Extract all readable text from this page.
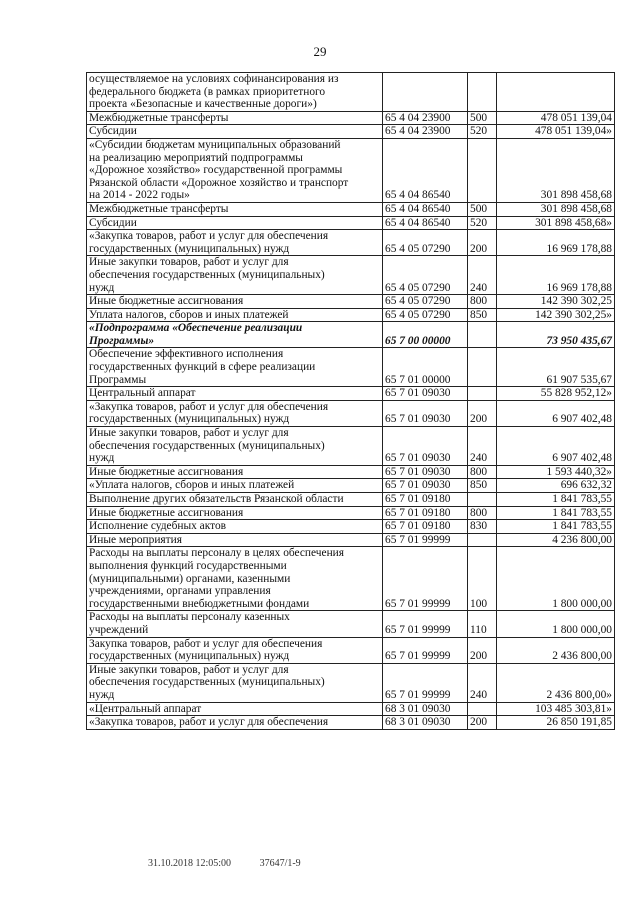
29
осуществляемое на условиях софинансирования из
федерального бюджета (в рамках приоритетного
проекта «Безопасные и качественные дороги»)			
Межбюджетные трансферты	65 4 04 23900	500	478 051 139,04
Субсидии	65 4 04 23900	520	478 051 139,04»
«Субсидии бюджетам муниципальных образований
на реализацию мероприятий подпрограммы
«Дорожное хозяйство» государственной программы
Рязанской области «Дорожное хозяйство и транспорт
на 2014 - 2022 годы»	65 4 04 86540		301 898 458,68
Межбюджетные трансферты	65 4 04 86540	500	301 898 458,68
Субсидии	65 4 04 86540	520	301 898 458,68»
«Закупка товаров, работ и услуг для обеспечения
государственных (муниципальных) нужд	65 4 05 07290	200	16 969 178,88
Иные закупки товаров, работ и услуг для
обеспечения государственных (муниципальных)
нужд	65 4 05 07290	240	16 969 178,88
Иные бюджетные ассигнования	65 4 05 07290	800	142 390 302,25
Уплата налогов, сборов и иных платежей	65 4 05 07290	850	142 390 302,25»
«Подпрограмма «Обеспечение реализации
Программы»	65 7 00 00000		73 950 435,67
Обеспечение эффективного исполнения
государственных функций в сфере реализации
Программы	65 7 01 00000		61 907 535,67
Центральный аппарат	65 7 01 09030		55 828 952,12»
«Закупка товаров, работ и услуг для обеспечения
государственных (муниципальных) нужд	65 7 01 09030	200	6 907 402,48
Иные закупки товаров, работ и услуг для
обеспечения государственных (муниципальных)
нужд	65 7 01 09030	240	6 907 402,48
Иные бюджетные ассигнования	65 7 01 09030	800	1 593 440,32»
«Уплата налогов, сборов и иных платежей	65 7 01 09030	850	696 632,32
Выполнение других обязательств Рязанской области	65 7 01 09180		1 841 783,55
Иные бюджетные ассигнования	65 7 01 09180	800	1 841 783,55
Исполнение судебных актов	65 7 01 09180	830	1 841 783,55
Иные мероприятия	65 7 01 99999		4 236 800,00
Расходы на выплаты персоналу в целях обеспечения
выполнения функций государственными
(муниципальными) органами, казенными
учреждениями, органами управления
государственными внебюджетными фондами	65 7 01 99999	100	1 800 000,00
Расходы на выплаты персоналу казенных
учреждений	65 7 01 99999	110	1 800 000,00
Закупка товаров, работ и услуг для обеспечения
государственных (муниципальных) нужд	65 7 01 99999	200	2 436 800,00
Иные закупки товаров, работ и услуг для
обеспечения государственных (муниципальных)
нужд	65 7 01 99999	240	2 436 800,00»
«Центральный аппарат	68 3 01 09030		103 485 303,81»
«Закупка товаров, работ и услуг для обеспечения	68 3 01 09030	200	26 850 191,85
31.10.2018 12:05:00	37647/1-9
